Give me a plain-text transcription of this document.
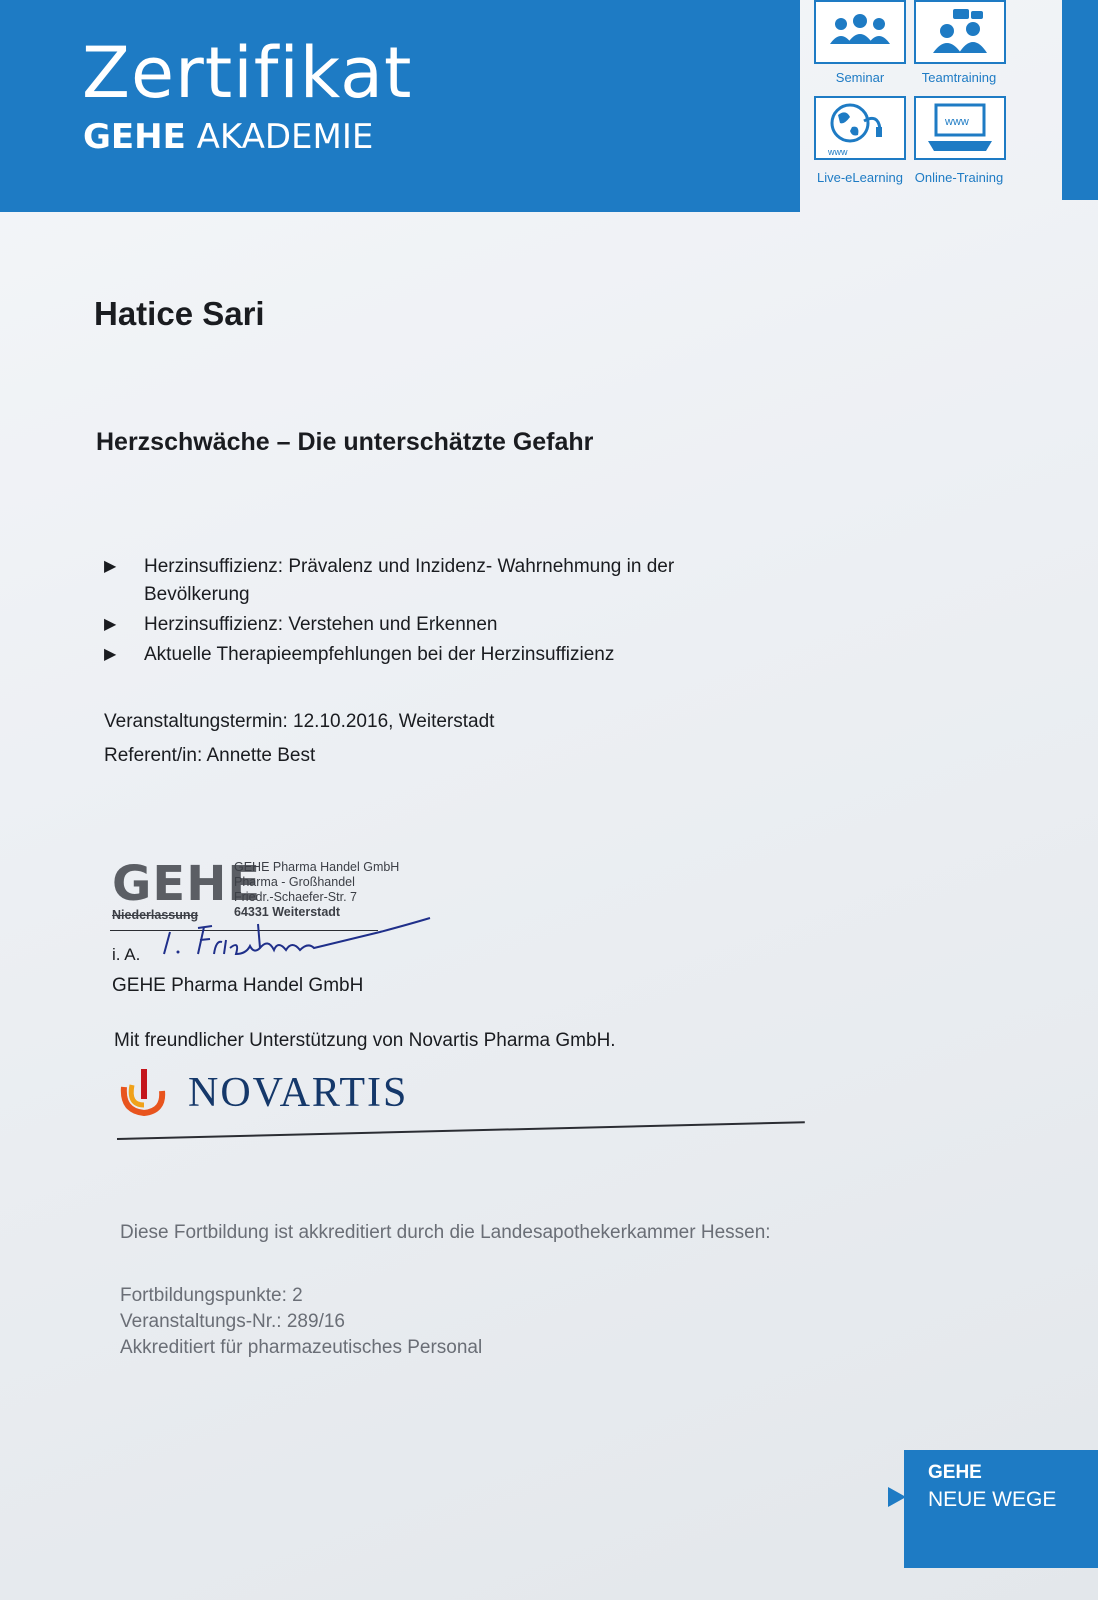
Zertifikat
GEHE AKADEMIE
Seminar	Teamtraining
www
Live-eLearning
www
Online-Training
Hatice Sari
Herzschwäche – Die unterschätzte Gefahr
▶ Herzinsuffizienz: Prävalenz und Inzidenz- Wahrnehmung in der Bevölkerung
▶ Herzinsuffizienz: Verstehen und Erkennen
▶ Aktuelle Therapieempfehlungen bei der Herzinsuffizienz
Veranstaltungstermin: 12.10.2016, Weiterstadt
Referent/in: Annette Best
GEHE
GEHE Pharma Handel GmbH
Pharma - Großhandel
Friedr.-Schaefer-Str. 7
64331 Weiterstadt
Niederlassung
i. A.
GEHE Pharma Handel GmbH
Mit freundlicher Unterstützung von Novartis Pharma GmbH.
NOVARTIS
Diese Fortbildung ist akkreditiert durch die Landesapothekerkammer Hessen:
Fortbildungspunkte: 2
Veranstaltungs-Nr.: 289/16
Akkreditiert für pharmazeutisches Personal
GEHE
NEUE WEGE
